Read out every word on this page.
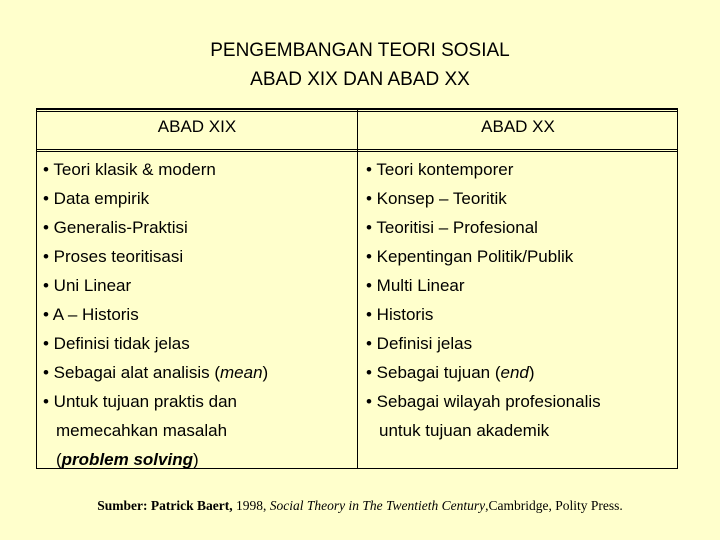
PENGEMBANGAN TEORI SOSIAL
ABAD XIX DAN ABAD XX
ABAD XIX	ABAD XX
• Teori klasik & modern
• Data empirik
• Generalis-Praktisi
• Proses teoritisasi
• Uni Linear
• A – Historis
• Definisi tidak jelas
• Sebagai alat analisis (mean)
• Untuk tujuan praktis dan
memecahkan masalah
(problem solving)
• Teori kontemporer
• Konsep – Teoritik
• Teoritisi – Profesional
• Kepentingan Politik/Publik
• Multi Linear
• Historis
• Definisi jelas
• Sebagai tujuan (end)
• Sebagai wilayah profesionalis
untuk tujuan akademik
Sumber: Patrick Baert, 1998, Social Theory in The Twentieth Century,Cambridge, Polity Press.
